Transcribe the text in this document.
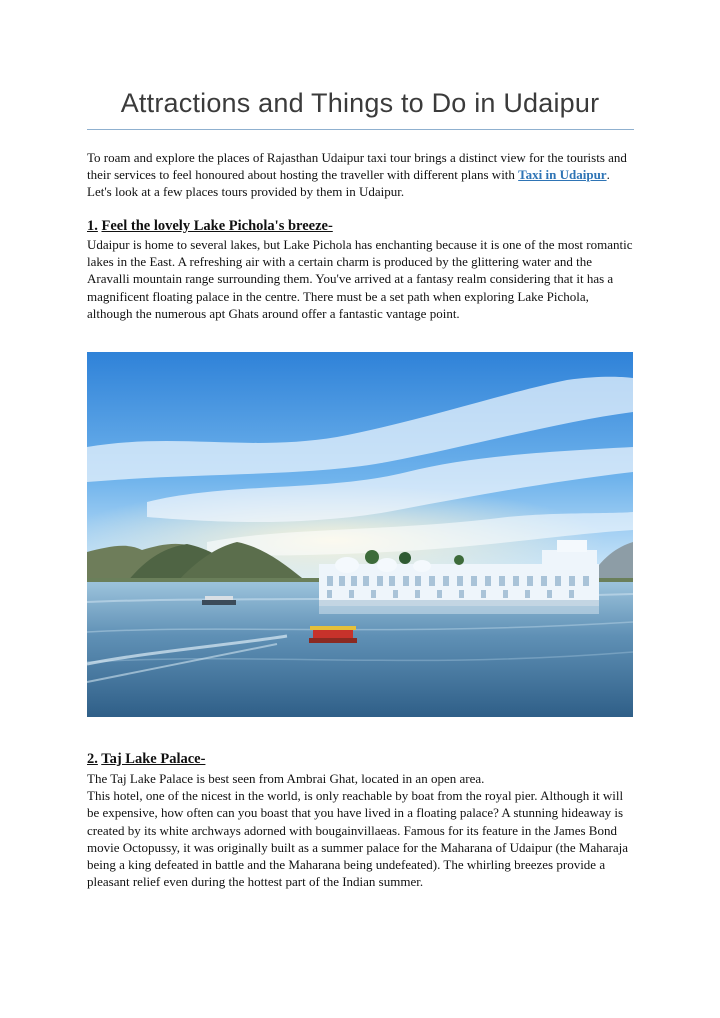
Attractions and Things to Do in Udaipur

To roam and explore the places of Rajasthan Udaipur taxi tour brings a distinct view for the tourists and their services to feel honoured about hosting the traveller with different plans with Taxi in Udaipur. Let's look at a few places tours provided by them in Udaipur.

1. Feel the lovely Lake Pichola's breeze-

Udaipur is home to several lakes, but Lake Pichola has enchanting because it is one of the most romantic lakes in the East. A refreshing air with a certain charm is produced by the glittering water and the Aravalli mountain range surrounding them. You've arrived at a fantasy realm considering that it has a magnificent floating palace in the centre. There must be a set path when exploring Lake Pichola, although the numerous apt Ghats around offer a fantastic vantage point.

2. Taj Lake Palace-
The Taj Lake Palace is best seen from Ambrai Ghat, located in an open area.
This hotel, one of the nicest in the world, is only reachable by boat from the royal pier. Although it will be expensive, how often can you boast that you have lived in a floating palace? A stunning hideaway is created by its white archways adorned with bougainvillaeas. Famous for its feature in the James Bond movie Octopussy, it was originally built as a summer palace for the Maharana of Udaipur (the Maharaja being a king defeated in battle and the Maharana being undefeated). The whirling breezes provide a pleasant relief even during the hottest part of the Indian summer.
